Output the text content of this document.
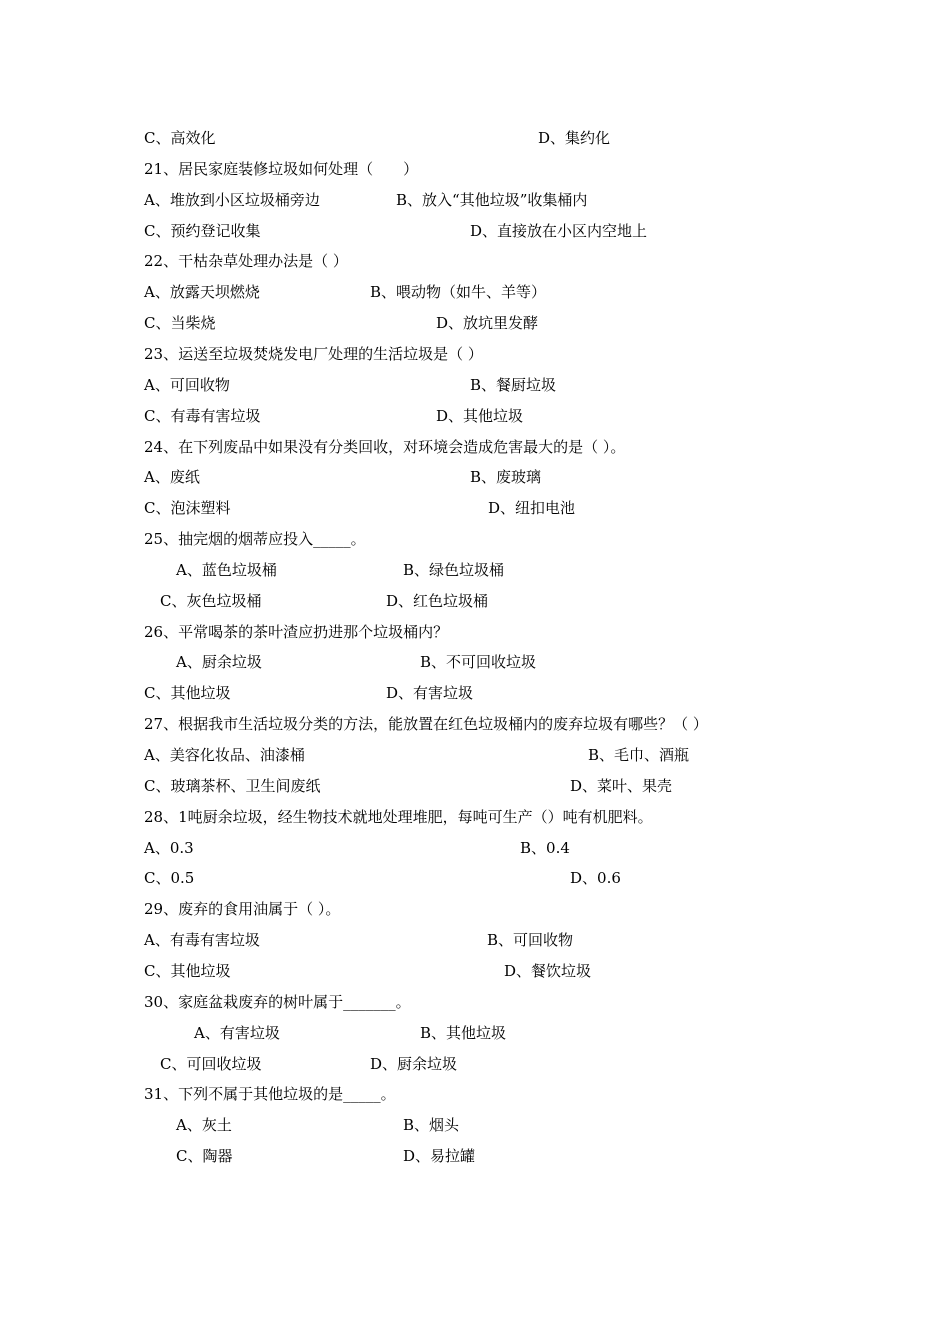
C、高效化	D、集约化
21、居民家庭装修垃圾如何处理（　　）
A、堆放到小区垃圾桶旁边	B、放入“其他垃圾”收集桶内
C、预约登记收集	D、直接放在小区内空地上
22、干枯杂草处理办法是（ ）
A、放露天坝燃烧	B、喂动物（如牛、羊等）
C、当柴烧	D、放坑里发酵
23、运送至垃圾焚烧发电厂处理的生活垃圾是（ ）
A、可回收物	B、餐厨垃圾
C、有毒有害垃圾	D、其他垃圾
24、在下列废品中如果没有分类回收，对环境会造成危害最大的是（ ）。
A、废纸	B、废玻璃
C、泡沫塑料	D、纽扣电池
25、抽完烟的烟蒂应投入_____。
A、蓝色垃圾桶	B、绿色垃圾桶
C、灰色垃圾桶	D、红色垃圾桶
26、平常喝茶的茶叶渣应扔进那个垃圾桶内？
A、厨余垃圾	B、不可回收垃圾
C、其他垃圾	D、有害垃圾
27、根据我市生活垃圾分类的方法，能放置在红色垃圾桶内的废弃垃圾有哪些？（ ）
A、美容化妆品、油漆桶	B、毛巾、酒瓶
C、玻璃茶杯、卫生间废纸	D、菜叶、果壳
28、1吨厨余垃圾，经生物技术就地处理堆肥，每吨可生产（）吨有机肥料。
A、0.3	B、0.4
C、0.5	D、0.6
29、废弃的食用油属于（ ）。
A、有毒有害垃圾	B、可回收物
C、其他垃圾	D、餐饮垃圾
30、家庭盆栽废弃的树叶属于_______。
A、有害垃圾	B、其他垃圾
C、可回收垃圾	D、厨余垃圾
31、下列不属于其他垃圾的是_____。
A、灰土	B、烟头
C、陶器	D、易拉罐
